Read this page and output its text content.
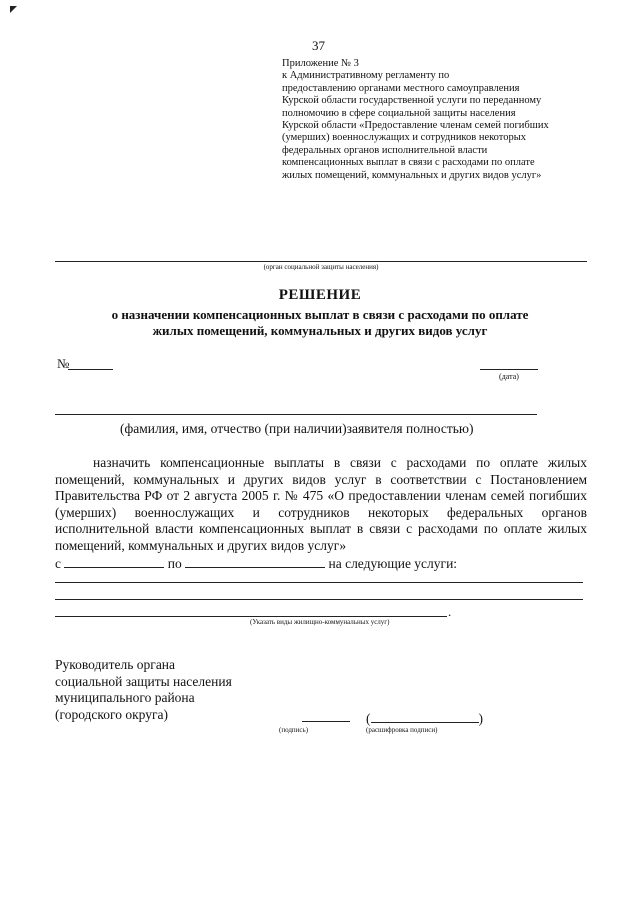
37
Приложение № 3
к Административному регламенту по
предоставлению органами местного самоуправления
Курской области государственной услуги по переданному
полномочию в сфере социальной защиты населения
Курской области «Предоставление членам семей погибших
(умерших) военнослужащих и сотрудников некоторых
федеральных органов исполнительной власти
компенсационных выплат в связи с расходами по оплате
жилых помещений, коммунальных и других видов услуг»
(орган социальной защиты населения)
РЕШЕНИЕ
о назначении компенсационных выплат в связи с расходами по оплате
жилых помещений, коммунальных и других видов услуг
№
(дата)
(фамилия, имя, отчество (при наличии)заявителя полностью)
назначить компенсационные выплаты в связи с расходами по оплате жилых помещений, коммунальных и других видов услуг в соответствии с Постановлением Правительства РФ от 2 августа 2005 г. № 475 «О предоставлении членам семей погибших (умерших) военнослужащих и сотрудников некоторых федеральных органов исполнительной власти компенсационных выплат в связи с расходами по оплате жилых помещений, коммунальных и других видов услуг»
с	по	на следующие услуги:
.
(Указать виды жилищно-коммунальных услуг)
Руководитель органа
социальной защиты населения
муниципального района
(городского округа)
(подпись)
(	)
(расшифровка подписи)
